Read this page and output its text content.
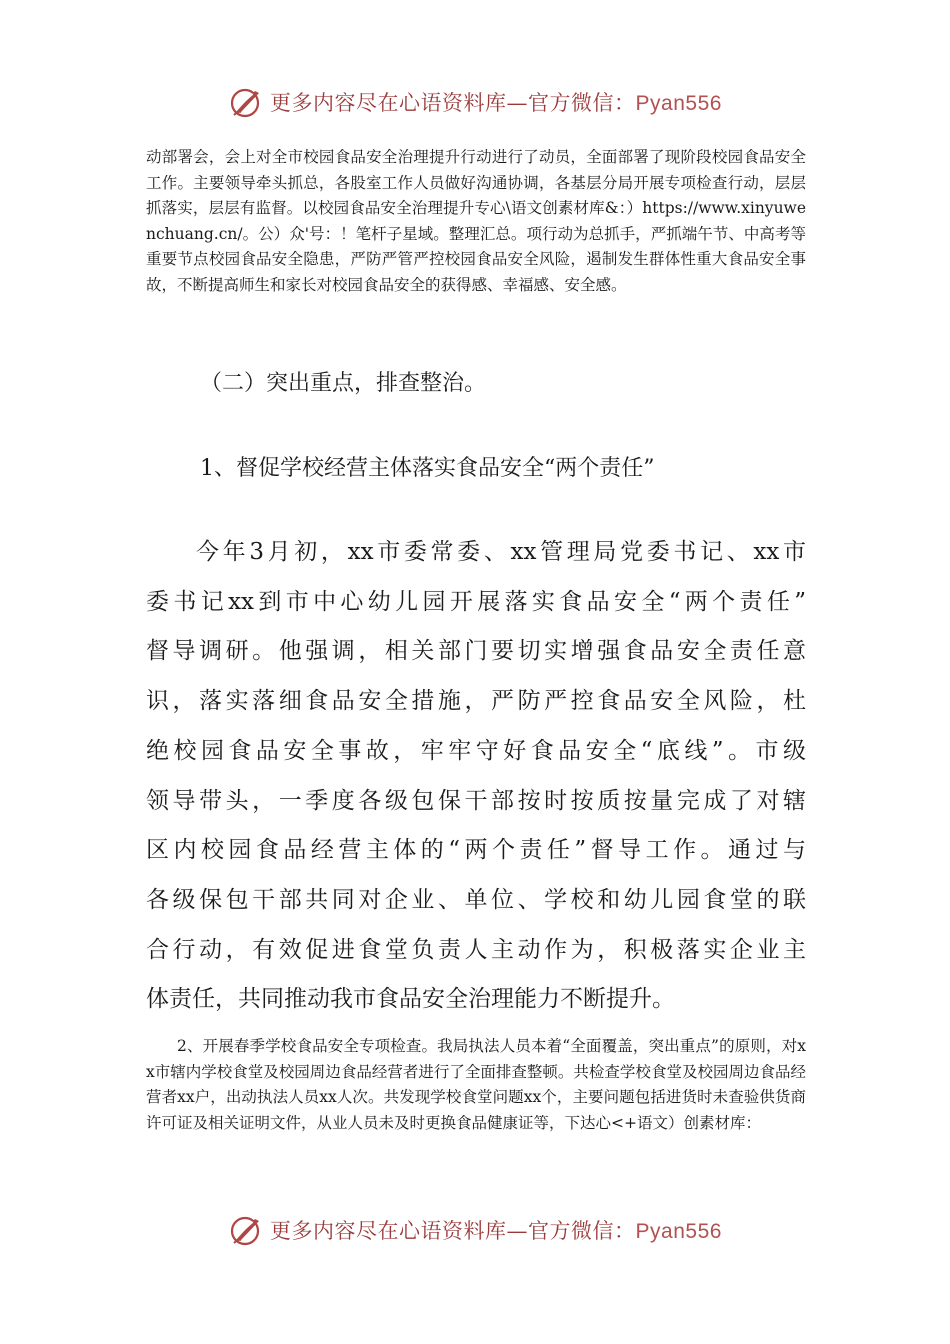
更多内容尽在心语资料库—官方微信：Pyan556

动部署会，会上对全市校园食品安全治理提升行动进行了动员，全面部署了现阶段校园食品安全工作。主要领导牵头抓总，各股室工作人员做好沟通协调，各基层分局开展专项检查行动，层层抓落实，层层有监督。以校园食品安全治理提升专心\语文创素材库&：）https://www.xinyuwenchuang.cn/。公）众'号：！笔杆子星域。整理汇总。项行动为总抓手，严抓端午节、中高考等重要节点校园食品安全隐患，严防严管严控校园食品安全风险，遏制发生群体性重大食品安全事故，不断提高师生和家长对校园食品安全的获得感、幸福感、安全感。

（二）突出重点，排查整治。

1、督促学校经营主体落实食品安全“两个责任”

今年3月初，xx市委常委、xx管理局党委书记、xx市
委书记xx到市中心幼儿园开展落实食品安全“两个责任”
督导调研。他强调，相关部门要切实增强食品安全责任意
识，落实落细食品安全措施，严防严控食品安全风险，杜
绝校园食品安全事故，牢牢守好食品安全“底线”。市级
领导带头，一季度各级包保干部按时按质按量完成了对辖
区内校园食品经营主体的“两个责任”督导工作。通过与
各级保包干部共同对企业、单位、学校和幼儿园食堂的联
合行动，有效促进食堂负责人主动作为，积极落实企业主
体责任，共同推动我市食品安全治理能力不断提升。

2、开展春季学校食品安全专项检查。我局执法人员本着“全面覆盖，突出重点”的原则，对xx市辖内学校食堂及校园周边食品经营者进行了全面排查整顿。共检查学校食堂及校园周边食品经营者xx户，出动执法人员xx人次。共发现学校食堂问题xx个，主要问题包括进货时未查验供货商许可证及相关证明文件，从业人员未及时更换食品健康证等，下达心<+语文）创素材库：

更多内容尽在心语资料库—官方微信：Pyan556
